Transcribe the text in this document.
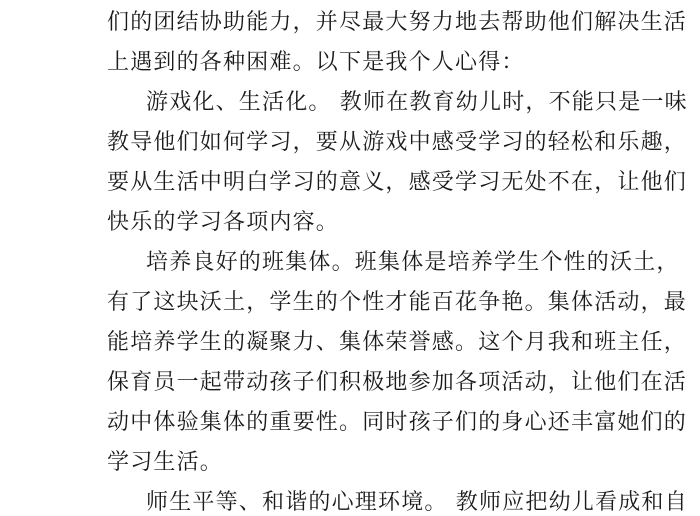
们的团结协助能力，并尽最大努力地去帮助他们解决生活

上遇到的各种困难。以下是我个人心得：

游戏化、生活化。 教师在教育幼儿时，不能只是一味

教导他们如何学习，要从游戏中感受学习的轻松和乐趣，

要从生活中明白学习的意义，感受学习无处不在，让他们

快乐的学习各项内容。

培养良好的班集体。班集体是培养学生个性的沃土，

有了这块沃土，学生的个性才能百花争艳。集体活动，最

能培养学生的凝聚力、集体荣誉感。这个月我和班主任，

保育员一起带动孩子们积极地参加各项活动，让他们在活

动中体验集体的重要性。同时孩子们的身心还丰富她们的

学习生活。

师生平等、和谐的心理环境。 教师应把幼儿看成和自
